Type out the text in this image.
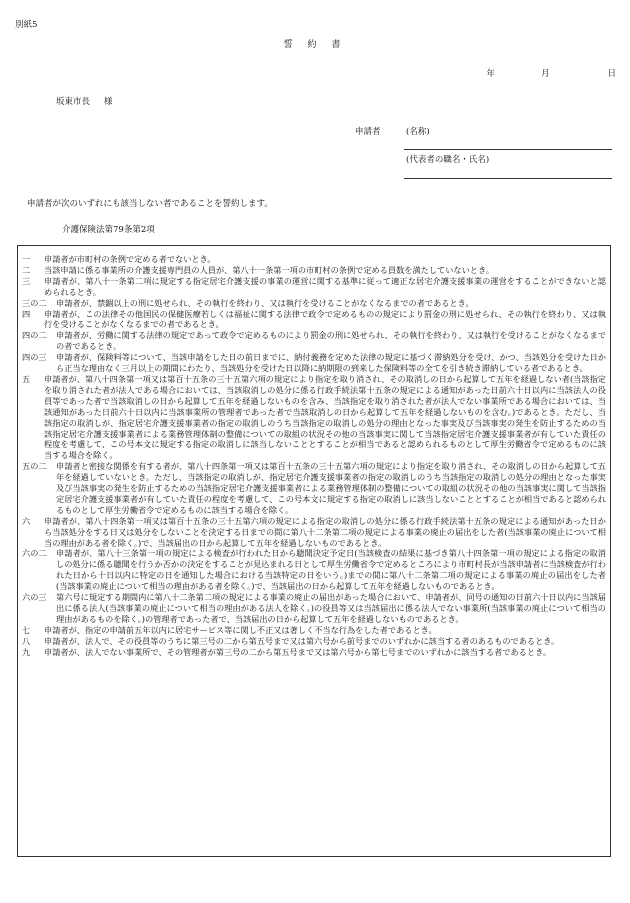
別紙5
誓 約 書
年	月	日
坂東市長 様
申請者	(名称)
(代表者の職名・氏名)
申請者が次のいずれにも該当しない者であることを誓約します。
介護保険法第79条第2項
一	申請者が市町村の条例で定める者でないとき。
二	当該申請に係る事業所の介護支援専門員の人員が、第八十一条第一項の市町村の条例で定める員数を満たしていないとき。
三	申請者が、第八十一条第二項に規定する指定居宅介護支援の事業の運営に関する基準に従って適正な居宅介護支援事業の運営をすることができないと認められるとき。
三の二	申請者が、禁錮以上の刑に処せられ、その執行を終わり、又は執行を受けることがなくなるまでの者であるとき。
四	申請者が、この法律その他国民の保健医療若しくは福祉に関する法律で政令で定めるものの規定により罰金の刑に処せられ、その執行を終わり、又は執行を受けることがなくなるまでの者であるとき。
四の二	申請者が、労働に関する法律の規定であって政令で定めるものにより罰金の刑に処せられ、その執行を終わり、又は執行を受けることがなくなるまでの者であるとき。
四の三	申請者が、保険料等について、当該申請をした日の前日までに、納付義務を定めた法律の規定に基づく滞納処分を受け、かつ、当該処分を受けた日から正当な理由なく三月以上の期間にわたり、当該処分を受けた日以降に納期限の到来した保険料等の全てを引き続き滞納している者であるとき。
五	申請者が、第八十四条第一項又は第百十五条の三十五第六項の規定により指定を取り消され、その取消しの日から起算して五年を経過しない者(当該指定を取り消された者が法人である場合においては、当該取消しの処分に係る行政手続法第十五条の規定による通知があった日前六十日以内に当該法人の役員等であった者で当該取消しの日から起算して五年を経過しないものを含み、当該指定を取り消された者が法人でない事業所である場合においては、当該通知があった日前六十日以内に当該事業所の管理者であった者で当該取消しの日から起算して五年を経過しないものを含む。)であるとき。ただし、当該指定の取消しが、指定居宅介護支援事業者の指定の取消しのうち当該指定の取消しの処分の理由となった事実及び当該事実の発生を防止するための当該指定居宅介護支援事業者による業務管理体制の整備についての取組の状況その他の当該事実に関して当該指定居宅介護支援事業者が有していた責任の程度を考慮して、この号本文に規定する指定の取消しに該当しないこととすることが相当であると認められるものとして厚生労働省令で定めるものに該当する場合を除く。
五の二	申請者と密接な関係を有する者が、第八十四条第一項又は第百十五条の三十五第六項の規定により指定を取り消され、その取消しの日から起算して五年を経過していないとき。ただし、当該指定の取消しが、指定居宅介護支援事業者の指定の取消しのうち当該指定の取消しの処分の理由となった事実及び当該事実の発生を防止するための当該指定居宅介護支援事業者による業務管理体制の整備についての取組の状況その他の当該事実に関して当該指定居宅介護支援事業者が有していた責任の程度を考慮して、この号本文に規定する指定の取消しに該当しないこととすることが相当であると認められるものとして厚生労働省令で定めるものに該当する場合を除く。
六	申請者が、第八十四条第一項又は第百十五条の三十五第六項の規定による指定の取消しの処分に係る行政手続法第十五条の規定による通知があった日から当該処分をする日又は処分をしないことを決定する日までの間に第八十二条第二項の規定による事業の廃止の届出をした者(当該事業の廃止について相当の理由がある者を除く。)で、当該届出の日から起算して五年を経過しないものであるとき。
六の二	申請者が、第八十三条第一項の規定による検査が行われた日から聴聞決定予定日(当該検査の結果に基づき第八十四条第一項の規定による指定の取消しの処分に係る聴聞を行うか否かの決定をすることが見込まれる日として厚生労働省令で定めるところにより市町村長が当該申請者に当該検査が行われた日から十日以内に特定の日を通知した場合における当該特定の日をいう。)までの間に第八十二条第二項の規定による事業の廃止の届出をした者(当該事業の廃止について相当の理由がある者を除く。)で、当該届出の日から起算して五年を経過しないものであるとき。
六の三	第六号に規定する期間内に第八十二条第二項の規定による事業の廃止の届出があった場合において、申請者が、同号の通知の日前六十日以内に当該届出に係る法人(当該事業の廃止について相当の理由がある法人を除く。)の役員等又は当該届出に係る法人でない事業所(当該事業の廃止について相当の理由があるものを除く。)の管理者であった者で、当該届出の日から起算して五年を経過しないものであるとき。
七	申請者が、指定の申請前五年以内に居宅サービス等に関し不正又は著しく不当な行為をした者であるとき。
八	申請者が、法人で、その役員等のうちに第三号の二から第五号まで又は第六号から前号までのいずれかに該当する者のあるものであるとき。
九	申請者が、法人でない事業所で、その管理者が第三号の二から第五号まで又は第六号から第七号までのいずれかに該当する者であるとき。
